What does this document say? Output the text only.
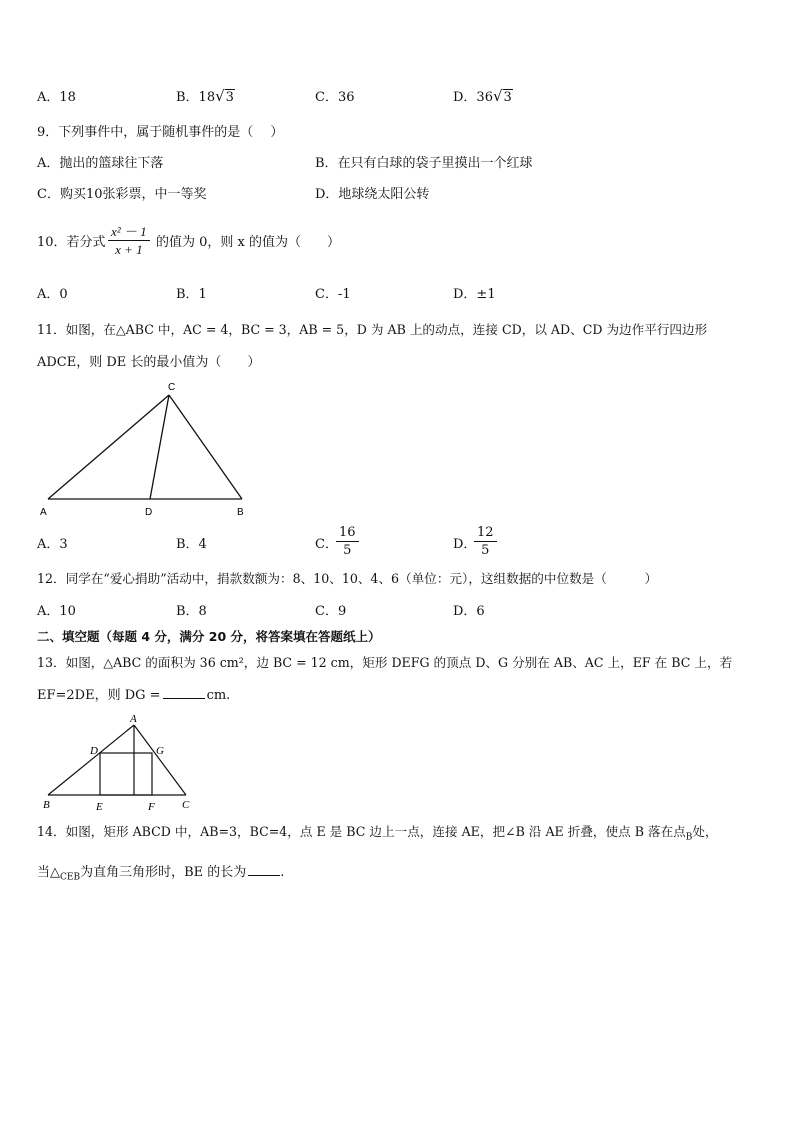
A．18	B．18√3	C．36	D．36√3
9．下列事件中，属于随机事件的是（　 ）
A．抛出的篮球往下落	B．在只有白球的袋子里摸出一个红球
C．购买10张彩票，中一等奖	D．地球绕太阳公转
10．若分式 $\frac{\text{x² － 1}}{x + 1}$ 的值为 0，则 x 的值为（　　）
A．0	B．1	C．-1	D．±1
11．如图，在△ABC 中，AC = 4，BC = 3，AB = 5，D 为 AB 上的动点，连接 CD，以 AD、CD 为边作平行四边形
ADCE，则 DE 长的最小值为（　　）
C
A	D	B
A．3	B．4	C．
$\frac{16}{5}$	D．
$\frac{12}{5}$
12．同学在“爱心捐助”活动中，捐款数额为：8、10、10、4、6（单位：元），这组数据的中位数是（　　　）
A．10	B．8	C．9	D．6
二、填空题（每题 4 分，满分 20 分，将答案填在答题纸上）
13．如图，△ABC 的面积为 36 cm²，边 BC = 12 cm，矩形 DEFG 的顶点 D、G 分别在 AB、AC 上，EF 在 BC 上，若
EF=2DE，则 DG =	cm.
A
D	G
B	E	F C
14．如图，矩形 ABCD 中，AB=3，BC=4，点 E 是 BC 边上一点，连接 AE，把∠B 沿 AE 折叠，使点 B 落在点$_B$处，
当$\triangle_{CEB}$为直角三角形时，BE 的长为	.
